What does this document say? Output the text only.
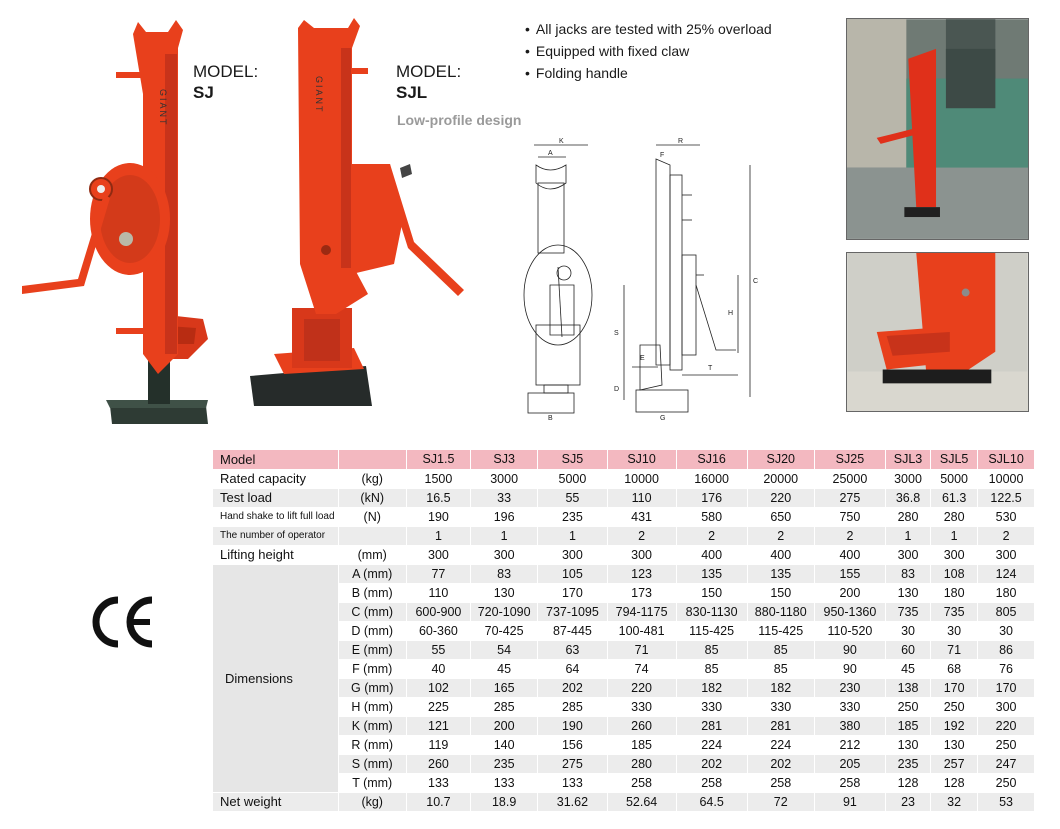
GIANT
MODEL:
SJ	GIANT
MODEL:
SJL
Low-profile design
• All jacks are tested with 25% overload
• Equipped with fixed claw
• Folding handle
K
A
B
R
F
G
C
H
S
E
D
T
Model		SJ1.5	SJ3	SJ5	SJ10	SJ16	SJ20	SJ25	SJL3	SJL5	SJL10
Rated capacity	(kg)	1500	3000	5000	10000	16000	20000	25000	3000	5000	10000
Test load	(kN)	16.5	33	55	110	176	220	275	36.8	61.3	122.5
Hand shake to lift full load	(N)	190	196	235	431	580	650	750	280	280	530
The number of operator		1	1	1	2	2	2	2	1	1	2
Lifting height	(mm)	300	300	300	300	400	400	400	300	300	300
Dimensions	A (mm)	77	83	105	123	135	135	155	83	108	124
	B (mm)	110	130	170	173	150	150	200	130	180	180
	C (mm)	600-900	720-1090	737-1095	794-1175	830-1130	880-1180	950-1360	735	735	805
	D (mm)	60-360	70-425	87-445	100-481	115-425	115-425	110-520	30	30	30
	E (mm)	55	54	63	71	85	85	90	60	71	86
	F (mm)	40	45	64	74	85	85	90	45	68	76
	G (mm)	102	165	202	220	182	182	230	138	170	170
	H (mm)	225	285	285	330	330	330	330	250	250	300
	K (mm)	121	200	190	260	281	281	380	185	192	220
	R (mm)	119	140	156	185	224	224	212	130	130	250
	S (mm)	260	235	275	280	202	202	205	235	257	247
	T (mm)	133	133	133	258	258	258	258	128	128	250
Net weight	(kg)	10.7	18.9	31.62	52.64	64.5	72	91	23	32	53
